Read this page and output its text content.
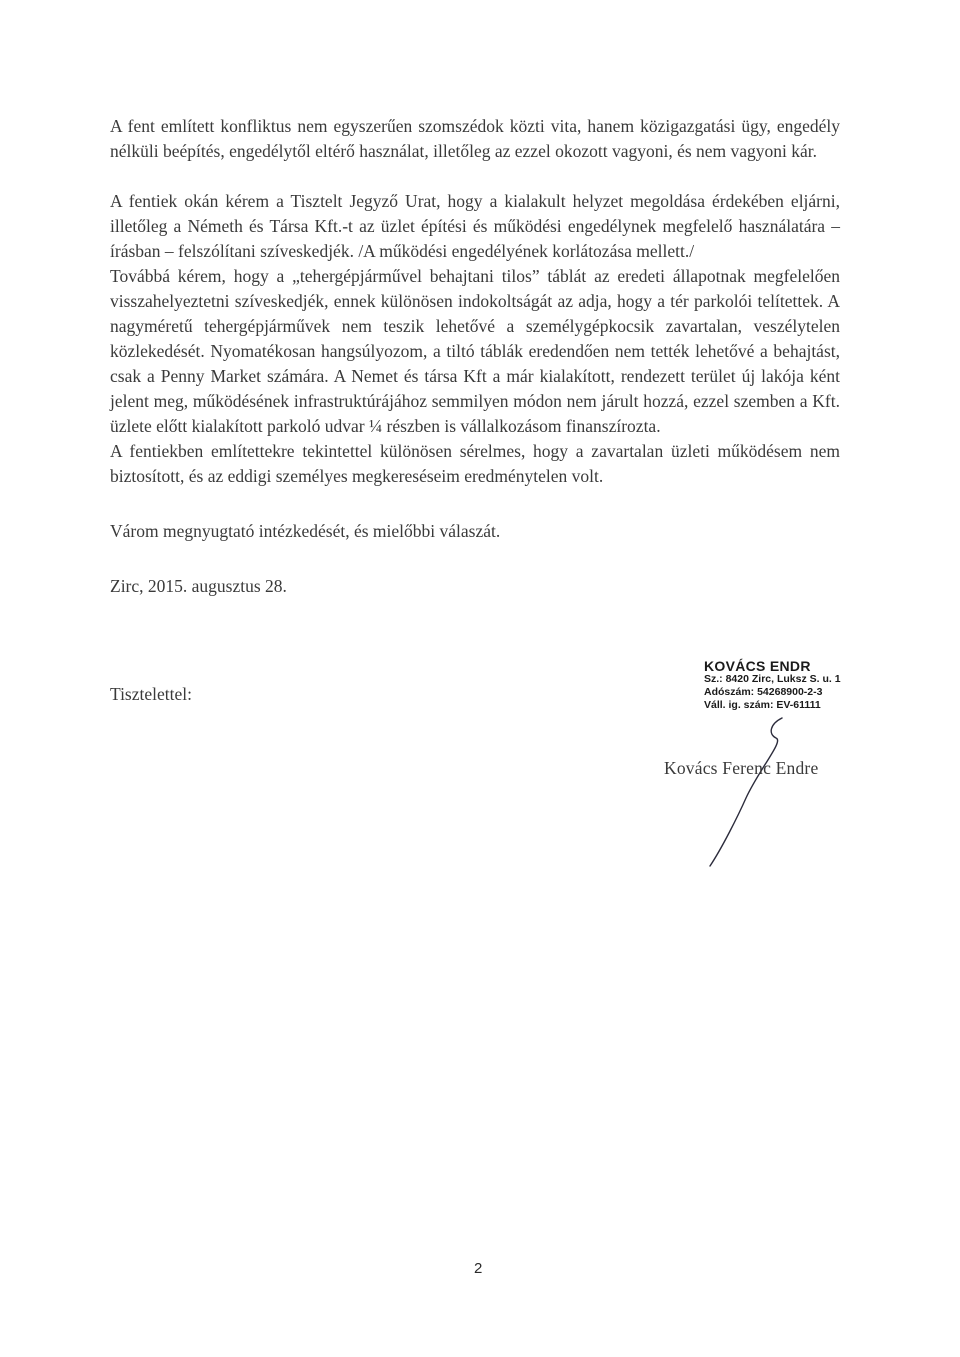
A fent említett konfliktus nem egyszerűen szomszédok közti vita, hanem közigazgatási ügy, engedély nélküli beépítés, engedélytől eltérő használat, illetőleg az ezzel okozott vagyoni, és nem vagyoni kár.

A fentiek okán kérem a Tisztelt Jegyző Urat, hogy a kialakult helyzet megoldása érdekében eljárni, illetőleg a Németh és Társa Kft.-t az üzlet építési és működési engedélynek megfelelő használatára – írásban – felszólítani szíveskedjék. /A működési engedélyének korlátozása mellett./

Továbbá kérem, hogy a „tehergépjárművel behajtani tilos” táblát az eredeti állapotnak megfelelően visszahelyeztetni szíveskedjék, ennek különösen indokoltságát az adja, hogy a tér parkolói telítettek. A nagyméretű tehergépjárművek nem teszik lehetővé a személygépkocsik zavartalan, veszélytelen közlekedését. Nyomatékosan hangsúlyozom, a tiltó táblák eredendően nem tették lehetővé a behajtást, csak a Penny Market számára. A Nemet és társa Kft a már kialakított, rendezett terület új lakója ként jelent meg, működésének infrastruktúrájához semmilyen módon nem járult hozzá, ezzel szemben a Kft. üzlete előtt kialakított parkoló udvar ¼ részben is vállalkozásom finanszírozta.

A fentiekben említettekre tekintettel különösen sérelmes, hogy a zavartalan üzleti működésem nem biztosított, és az eddigi személyes megkereséseim eredménytelen volt.

Várom megnyugtató intézkedését, és mielőbbi válaszát.

Zirc, 2015. augusztus 28.

Tisztelettel:
KOVÁCS ENDR
Sz.: 8420 Zirc, Luksz S. u. 1
Adószám: 54268900-2-3
Váll. ig. szám: EV-61111
Kovács Ferenc Endre
2
